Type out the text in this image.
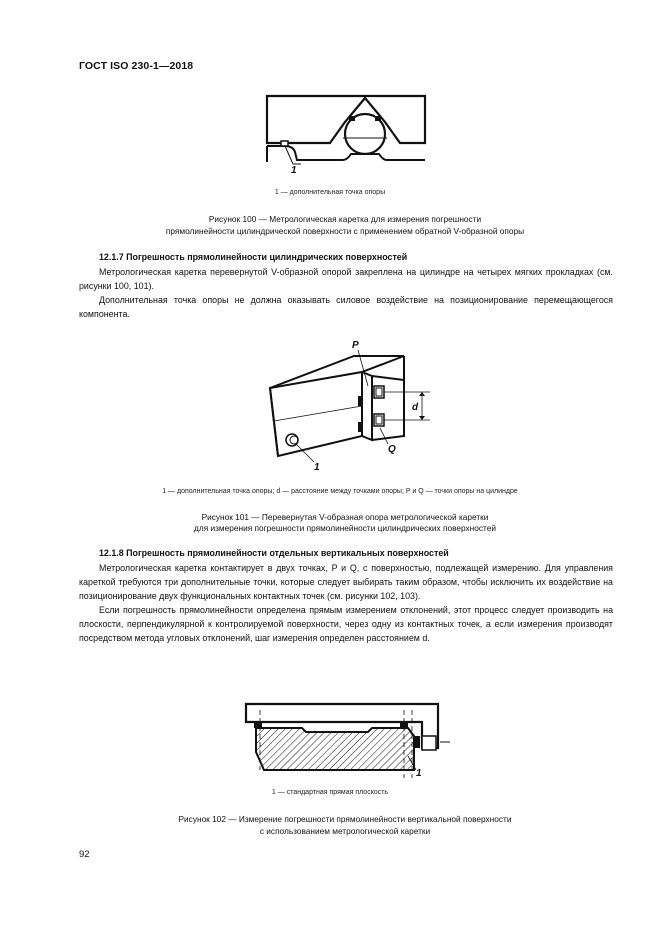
ГОСТ ISO 230-1—2018
1
1 — дополнительная точка опоры
Рисунок 100 — Метрологическая каретка для измерения погрешности
прямолинейности цилиндрической поверхности с применением обратной V-образной опоры
12.1.7 Погрешность прямолинейности цилиндрических поверхностей

Метрологическая каретка перевернутой V-образной опорой закреплена на цилиндре на четырех мягких прокладках (см. рисунки 100, 101).

Дополнительная точка опоры не должна оказывать силовое воздействие на позиционирование перемещающегося компонента.

d
P
Q
1
1 — дополнительная точка опоры; d — расстояние между точками опоры; P и Q — точки опоры на цилиндре
Рисунок 101 — Перевернутая V-образная опора метрологической каретки
для измерения погрешности прямолинейности цилиндрических поверхностей
12.1.8 Погрешность прямолинейности отдельных вертикальных поверхностей

Метрологическая каретка контактирует в двух точках, P и Q, с поверхностью, подлежащей измерению. Для управления кареткой требуются три дополнительные точки, которые следует выбирать таким образом, чтобы исключить их воздействие на позиционирование двух функциональных контактных точек (см. рисунки 102, 103).

Если погрешность прямолинейности определена прямым измерением отклонений, этот процесс следует производить на плоскости, перпендикулярной к контролируемой поверхности, через одну из контактных точек, а если измерения производят посредством метода угловых отклонений, шаг измерения определен расстоянием d.

1
1 — стандартная прямая плоскость
Рисунок 102 — Измерение погрешности прямолинейности вертикальной поверхности
с использованием метрологической каретки
92
